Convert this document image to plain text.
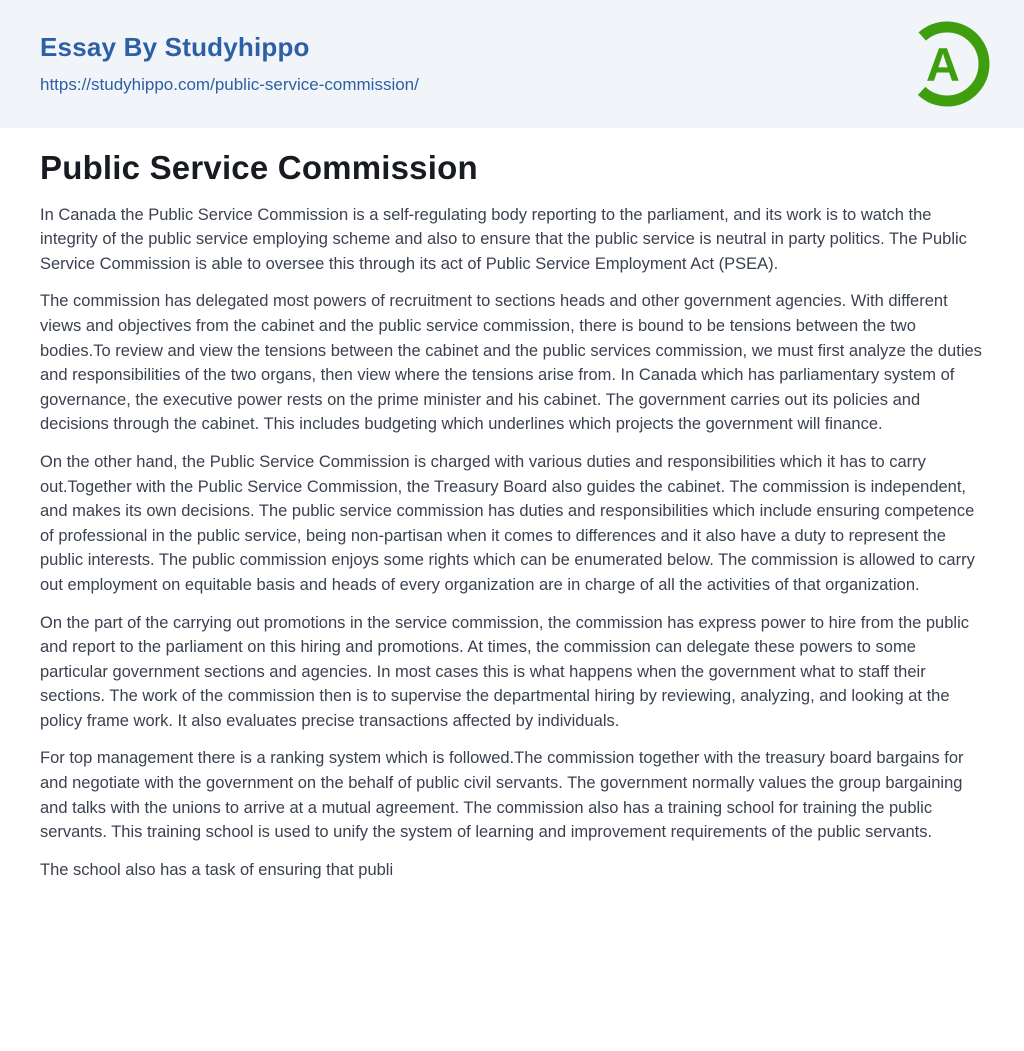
Essay By Studyhippo
https://studyhippo.com/public-service-commission/	A
Public Service Commission

In Canada the Public Service Commission is a self-regulating body reporting to the parliament, and its work is to watch the integrity of the public service employing scheme and also to ensure that the public service is neutral in party politics. The Public Service Commission is able to oversee this through its act of Public Service Employment Act (PSEA).

The commission has delegated most powers of recruitment to sections heads and other government agencies. With different views and objectives from the cabinet and the public service commission, there is bound to be tensions between the two bodies.To review and view the tensions between the cabinet and the public services commission, we must first analyze the duties and responsibilities of the two organs, then view where the tensions arise from. In Canada which has parliamentary system of governance, the executive power rests on the prime minister and his cabinet. The government carries out its policies and decisions through the cabinet. This includes budgeting which underlines which projects the government will finance.

On the other hand, the Public Service Commission is charged with various duties and responsibilities which it has to carry out.Together with the Public Service Commission, the Treasury Board also guides the cabinet. The commission is independent, and makes its own decisions. The public service commission has duties and responsibilities which include ensuring competence of professional in the public service, being non-partisan when it comes to differences and it also have a duty to represent the public interests. The public commission enjoys some rights which can be enumerated below. The commission is allowed to carry out employment on equitable basis and heads of every organization are in charge of all the activities of that organization.

On the part of the carrying out promotions in the service commission, the commission has express power to hire from the public and report to the parliament on this hiring and promotions. At times, the commission can delegate these powers to some particular government sections and agencies. In most cases this is what happens when the government what to staff their sections. The work of the commission then is to supervise the departmental hiring by reviewing, analyzing, and looking at the policy frame work. It also evaluates precise transactions affected by individuals.

For top management there is a ranking system which is followed.The commission together with the treasury board bargains for and negotiate with the government on the behalf of public civil servants. The government normally values the group bargaining and talks with the unions to arrive at a mutual agreement. The commission also has a training school for training the public servants. This training school is used to unify the system of learning and improvement requirements of the public servants.

The school also has a task of ensuring that publi
